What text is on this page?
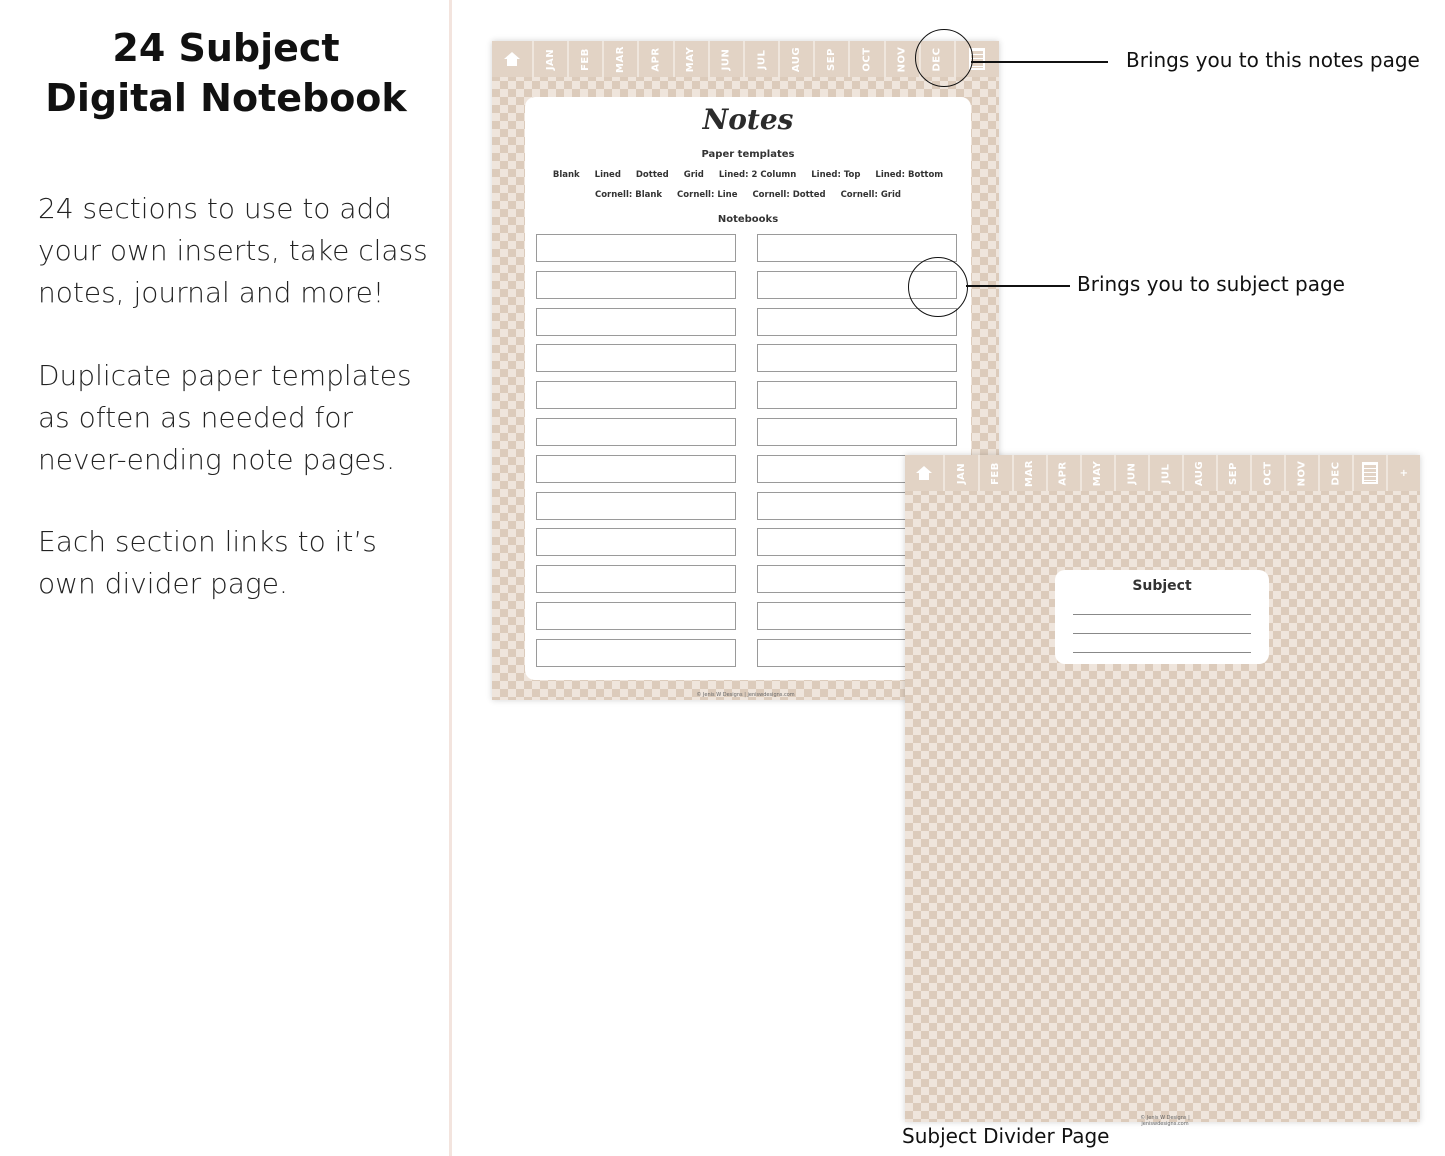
24 Subject
Digital Notebook
24 sections to use to add your own inserts, take class notes, journal and more!
Duplicate paper templates as often as needed for never-ending note pages.
Each section links to it’s own divider page.
JAN FEB MAR APR MAY JUN JUL AUG SEP OCT NOV DEC
Notes
Paper templates
Blank Lined Dotted Grid Lined: 2 Column Lined: Top Lined: Bottom
Cornell: Blank Cornell: Line Cornell: Dotted Cornell: Grid
Notebooks
© Jenis W Designs | jeniswdesigns.com
JAN FEB MAR APR MAY JUN JUL AUG SEP OCT NOV DEC	+
Subject
© Jenis W Designs | jeniswdesigns.com
Subject Divider Page
Brings you to this notes page
Brings you to subject page
